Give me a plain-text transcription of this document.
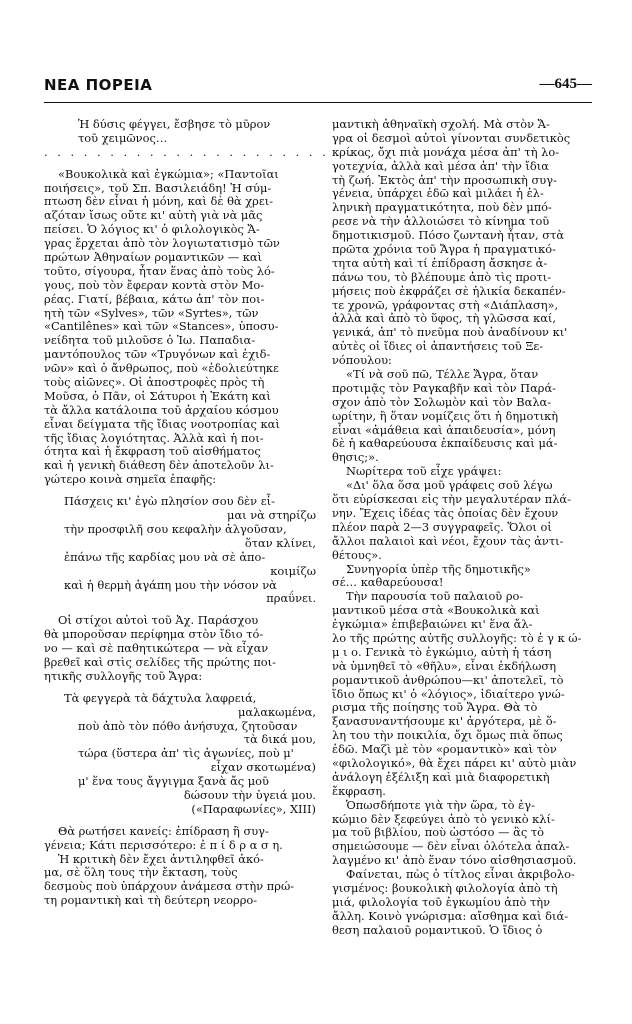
ΝΕΑ ΠΟΡΕΙΑ	—645—
Ἡ δύσις φέγγει, ἔσβησε τὸ μῦρον
τοῦ χειμῶνος…
. . . . . . . . . . . . . . . . . . . . . . . . .
«Βουκολικὰ καὶ ἐγκώμια»; «Παντοῖαι
ποιήσεις», τοῦ Σπ. Βασιλειάδη! Ἡ σύμ-
πτωση δὲν εἶναι ἡ μόνη, καὶ δὲ θὰ χρει-
αζόταν ἴσως οὔτε κι' αὐτὴ γιὰ νὰ μᾶς
πείσει. Ὁ λόγιος κι' ὁ φιλολογικὸς Ἄ-
γρας ἔρχεται ἀπὸ τὸν λογιωτατισμὸ τῶν
πρώτων Ἀθηναίων ρομαντικῶν — καὶ
τοῦτο, σίγουρα, ἦταν ἕνας ἀπὸ τοὺς λό-
γους, ποὺ τὸν ἔφεραν κοντὰ στὸν Μο-
ρέας. Γιατί, βέβαια, κάτω ἀπ' τὸν ποι-
ητὴ τῶν «Sylves», τῶν «Syrtes», τῶν
«Cantilênes» καὶ τῶν «Stances», ὑποσυ-
νείδητα τοῦ μιλοῦσε ὁ Ἰω. Παπαδια-
μαντόπουλος τῶν «Τρυγόνων καὶ ἐχιδ-
νῶν» καὶ ὁ ἄνθρωπος, ποὺ «ἐδολιεύτηκε
τοὺς αἰῶνες». Οἱ ἀποστροφὲς πρὸς τὴ
Μοῦσα, ὁ Πᾶν, οἱ Σάτυροι ἡ Ἑκάτη καὶ
τὰ ἄλλα κατάλοιπα τοῦ ἀρχαίου κόσμου
εἶναι δείγματα τῆς ἴδιας νοοτροπίας καὶ
τῆς ἴδιας λογιότητας. Ἀλλὰ καὶ ἡ ποι-
ότητα καὶ ἡ ἔκφραση τοῦ αἰσθήματος
καὶ ἡ γενικὴ διάθεση δὲν ἀποτελοῦν λι-
γώτερο κοινὰ σημεῖα ἐπαφῆς:
Πάσχεις κι' ἐγὼ πλησίον σου δὲν εἶ-
μαι νὰ στηρίζω
τὴν προσφιλῆ σου κεφαλὴν ἀλγοῦσαν,
ὅταν κλίνει,
ἐπάνω τῆς καρδίας μου νὰ σὲ ἀπο-
κοιμίζω
καὶ ἡ θερμὴ ἀγάπη μου τὴν νόσον νὰ
πραΰνει.
Οἱ στίχοι αὐτοὶ τοῦ Ἀχ. Παράσχου
θὰ μποροῦσαν περίφημα στὸν ἴδιο τό-
νο — καὶ σὲ παθητικώτερα — νὰ εἶχαν
βρεθεῖ καὶ στὶς σελίδες τῆς πρώτης ποι-
ητικῆς συλλογῆς τοῦ Ἄγρα:
Τὰ φεγγερὰ τὰ δάχτυλα λαφρειά,
μαλακωμένα,
ποὺ ἀπὸ τὸν πόθο ἀνήσυχα, ζητοῦσαν
τὰ δικά μου,
τώρα (ὕστερα ἀπ' τὶς ἀγωνίες, ποὺ μ'
εἶχαν σκοτωμένα)
μ' ἕνα τους ἄγγιγμα ξανὰ ἄς μοῦ
δώσουν τὴν ὑγειά μου.
(«Παραφωνίες», XIII)
Θὰ ρωτήσει κανείς: ἐπίδραση ἢ συγ-
γένεια; Κάτι περισσότερο: ἐ π ί δ ρ α σ η.
Ἡ κριτικὴ δὲν ἔχει ἀντιληφθεῖ ἀκό-
μα, σὲ ὅλη τους τὴν ἔκταση, τοὺς
δεσμοὺς ποὺ ὑπάρχουν ἀνάμεσα στὴν πρώ-
τη ρομαντικὴ καὶ τὴ δεύτερη νεορρο-
μαντικὴ ἀθηναϊκὴ σχολή. Μὰ στὸν Ἄ-
γρα οἱ δεσμοὶ αὐτοὶ γίνονται συνδετικὸς
κρίκος, ὄχι πιὰ μονάχα μέσα ἀπ' τὴ λο-
γοτεχνία, ἀλλὰ καὶ μέσα ἀπ' τὴν ἴδια
τὴ ζωή. Ἐκτὸς ἀπ' τὴν προσωπικὴ συγ-
γένεια, ὑπάρχει ἐδῶ καὶ μιλάει ἡ ἑλ-
ληνικὴ πραγματικότητα, ποὺ δὲν μπό-
ρεσε νὰ τὴν ἀλλοιώσει τὸ κίνημα τοῦ
δημοτικισμοῦ. Πόσο ζωντανὴ ἦταν, στὰ
πρῶτα χρόνια τοῦ Ἄγρα ἡ πραγματικό-
τητα αὐτὴ καὶ τί ἐπίδραση ἄσκησε ἀ-
πάνω του, τὸ βλέπουμε ἀπὸ τὶς προτι-
μήσεις ποὺ ἐκφράζει σὲ ἡλικία δεκαπέν-
τε χρονῶ, γράφοντας στὴ «Διάπλαση»,
ἀλλὰ καὶ ἀπὸ τὸ ὕφος, τὴ γλῶσσα καί,
γενικά, ἀπ' τὸ πνεῦμα ποὺ ἀναδίνουν κι'
αὐτὲς οἱ ἴδιες οἱ ἀπαντήσεις τοῦ Ξε-
νόπουλου:
«Τί νὰ σοῦ πῶ, Τέλλε Ἄγρα, ὅταν
προτιμᾷς τὸν Ραγκαβῆν καὶ τὸν Παρά-
σχον ἀπὸ τὸν Σολωμὸν καὶ τὸν Βαλα-
ωρίτην, ἢ ὅταν νομίζεις ὅτι ἡ δημοτικὴ
εἶναι «ἀμάθεια καὶ ἀπαιδευσία», μόνη
δὲ ἡ καθαρεύουσα ἐκπαίδευσις καὶ μά-
θησις;».
Νωρίτερα τοῦ εἶχε γράψει:
«Δι' ὅλα ὅσα μοῦ γράφεις σοῦ λέγω
ὅτι εὑρίσκεσαι εἰς τὴν μεγαλυτέραν πλά-
νην. Ἔχεις ἰδέας τὰς ὁποίας δὲν ἔχουν
πλέον παρὰ 2—3 συγγραφεῖς. Ὅλοι οἱ
ἄλλοι παλαιοὶ καὶ νέοι, ἔχουν τὰς ἀντι-
θέτους».
Συνηγορία ὑπὲρ τῆς δημοτικῆς»
σέ… καθαρεύουσα!
Τὴν παρουσία τοῦ παλαιοῦ ρο-
μαντικοῦ μέσα στὰ «Βουκολικὰ καὶ
ἐγκώμια» ἐπιβεβαιώνει κι' ἕνα ἄλ-
λο τῆς πρώτης αὐτῆς συλλογῆς: τὸ ἐ γ κ ώ-
μ ι ο. Γενικὰ τὸ ἐγκώμιο, αὐτὴ ἡ τάση
νὰ ὑμνηθεῖ τὸ «θῆλυ», εἶναι ἐκδήλωση
ρομαντικοῦ ἀνθρώπου—κι' ἀποτελεῖ, τὸ
ἴδιο ὅπως κι' ὁ «λόγιος», ἰδιαίτερο γνώ-
ρισμα τῆς ποίησης τοῦ Ἄγρα. Θὰ τὸ
ξανασυναντήσουμε κι' ἀργότερα, μὲ ὅ-
λη του τὴν ποικιλία, ὄχι ὅμως πιὰ ὅπως
ἐδῶ. Μαζὶ μὲ τὸν «ρομαντικὸ» καὶ τὸν
«φιλολογικό», θὰ ἔχει πάρει κι' αὐτὸ μιὰν
ἀνάλογη ἐξέλιξη καὶ μιὰ διαφορετικὴ
ἔκφραση.
Ὁπωσδήποτε γιὰ τὴν ὥρα, τὸ ἐγ-
κώμιο δὲν ξεφεύγει ἀπὸ τὸ γενικὸ κλί-
μα τοῦ βιβλίου, ποὺ ὡστόσο — ἂς τὸ
σημειώσουμε — δὲν εἶναι ὁλότελα ἀπαλ-
λαγμένο κι' ἀπὸ ἕναν τόνο αἰσθησιασμοῦ.
Φαίνεται, πὼς ὁ τίτλος εἶναι ἀκριβολο-
γισμένος: βουκολικὴ φιλολογία ἀπὸ τὴ
μιά, φιλολογία τοῦ ἐγκωμίου ἀπὸ τὴν
ἄλλη. Κοινὸ γνώρισμα: αἴσθημα καὶ διά-
θεση παλαιοῦ ρομαντικοῦ. Ὁ ἴδιος ὁ
